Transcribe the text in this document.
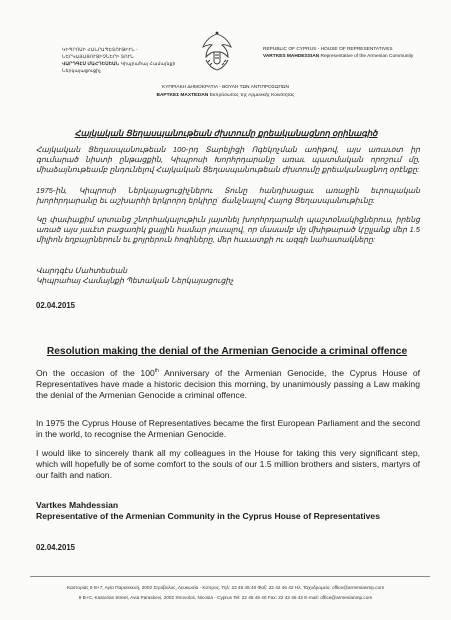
ԿԻՊՐՈՍԻ ՀԱՆՐԱՊԵՏՈՒԹԻՒՆ - ՆԵՐԿԱՅԱՑՈՒՑԻՉՆԵՐԻ ՏՈՒՆ
ՎԱՐԴԳԷՍ ՄԱՀԴԵՍԵԱՆ Կիպրահայ Համայնքի Ներկայացուցիչ
REPUBLIC OF CYPRUS - HOUSE OF REPRESENTATIVES
VARTKES MAHDESSIAN Representative of the Armenian Community
ΚΥΠΡΙΑΚΗ ΔΗΜΟΚΡΑΤΙΑ - ΒΟΥΛΗ ΤΩΝ ΑΝΤΙΠΡΟΣΩΠΩΝ
ΒΑΡΤΚΕΣ ΜΑΧΤΕΣΙΑΝ Εκπρόσωπος της Αρμενικής Κοινότητας
Հայկական Ցեղասպանութեան ժխտումը քրեականացնող օրինագիծ
Հայկական Ցեղասպանութեան 100-րդ Տարելիցի Ոգեկոչման առիթով, այս առաւօտ իր գումարած նիստի ընթացքին, Կիպրոսի Խորհրդարանը առաւ պատմական որոշում մը, միաձայնութեամբ ընդունելով Հայկական Ցեղասպանութեան ժխտումը քրեականացնող օրէնքը:
1975-ին, Կիպրոսի Ներկայացուցիչներու Տունը հանդիսացաւ առաջին եւրոպական խորհրդարանը եւ աշխարհի երկրորդ երկիրը` ճանչնալով Հայոց Ցեղասպանութիւնը:
Կը փափաքիմ սրտանց շնորհակալութիւն յայտնել խորհրդարանի պաշտօնակիցներուս, իրենց առած այս յաւէտ բացառիկ քայլին համար յուսալով, որ մասամբ մը մխիթարած կ'ըլլանք մեր 1.5 միլիոն եղբայրներուն եւ քոյրերուն հոգիները, մեր հաւատքի ու ազգի նահատակները:
Վարդգէս Մահտեսեան
Կիպրահայ Համայնքի Պետական Ներկայացուցիչ
02.04.2015
Resolution making the denial of the Armenian Genocide a criminal offence
On the occasion of the 100th Anniversary of the Armenian Genocide, the Cyprus House of Representatives have made a historic decision this morning, by unanimously passing a Law making the denial of the Armenian Genocide a criminal offence.
In 1975 the Cyprus House of Representatives became the first European Parliament and the second in the world, to recognise the Armenian Genocide.
I would like to sincerely thank all my colleagues in the House for taking this very significant step, which will hopefully be of some comfort to the souls of our 1.5 million brothers and sisters, martyrs of our faith and nation.
Vartkes Mahdessian
Representative of the Armenian Community in the Cyprus House of Representatives
02.04.2015
Καστοριάς 9 Β+7, Αγία Παρασκευή, 2002 Στρόβολος, Λευκωσία - Κύπρος. Τηλ: 22 45 45 40 Φαξ: 22 42 46 42 Ηλ. Ταχυδρομείο: office@armenianmp.com
9 B+C, Kastorias Street, Avia Paraskevi, 2002 Strovolos, Nicosia - Cyprus Tel: 22 45 45 40 Fax: 22 42 46 42 E-mail: office@armenianmp.com
